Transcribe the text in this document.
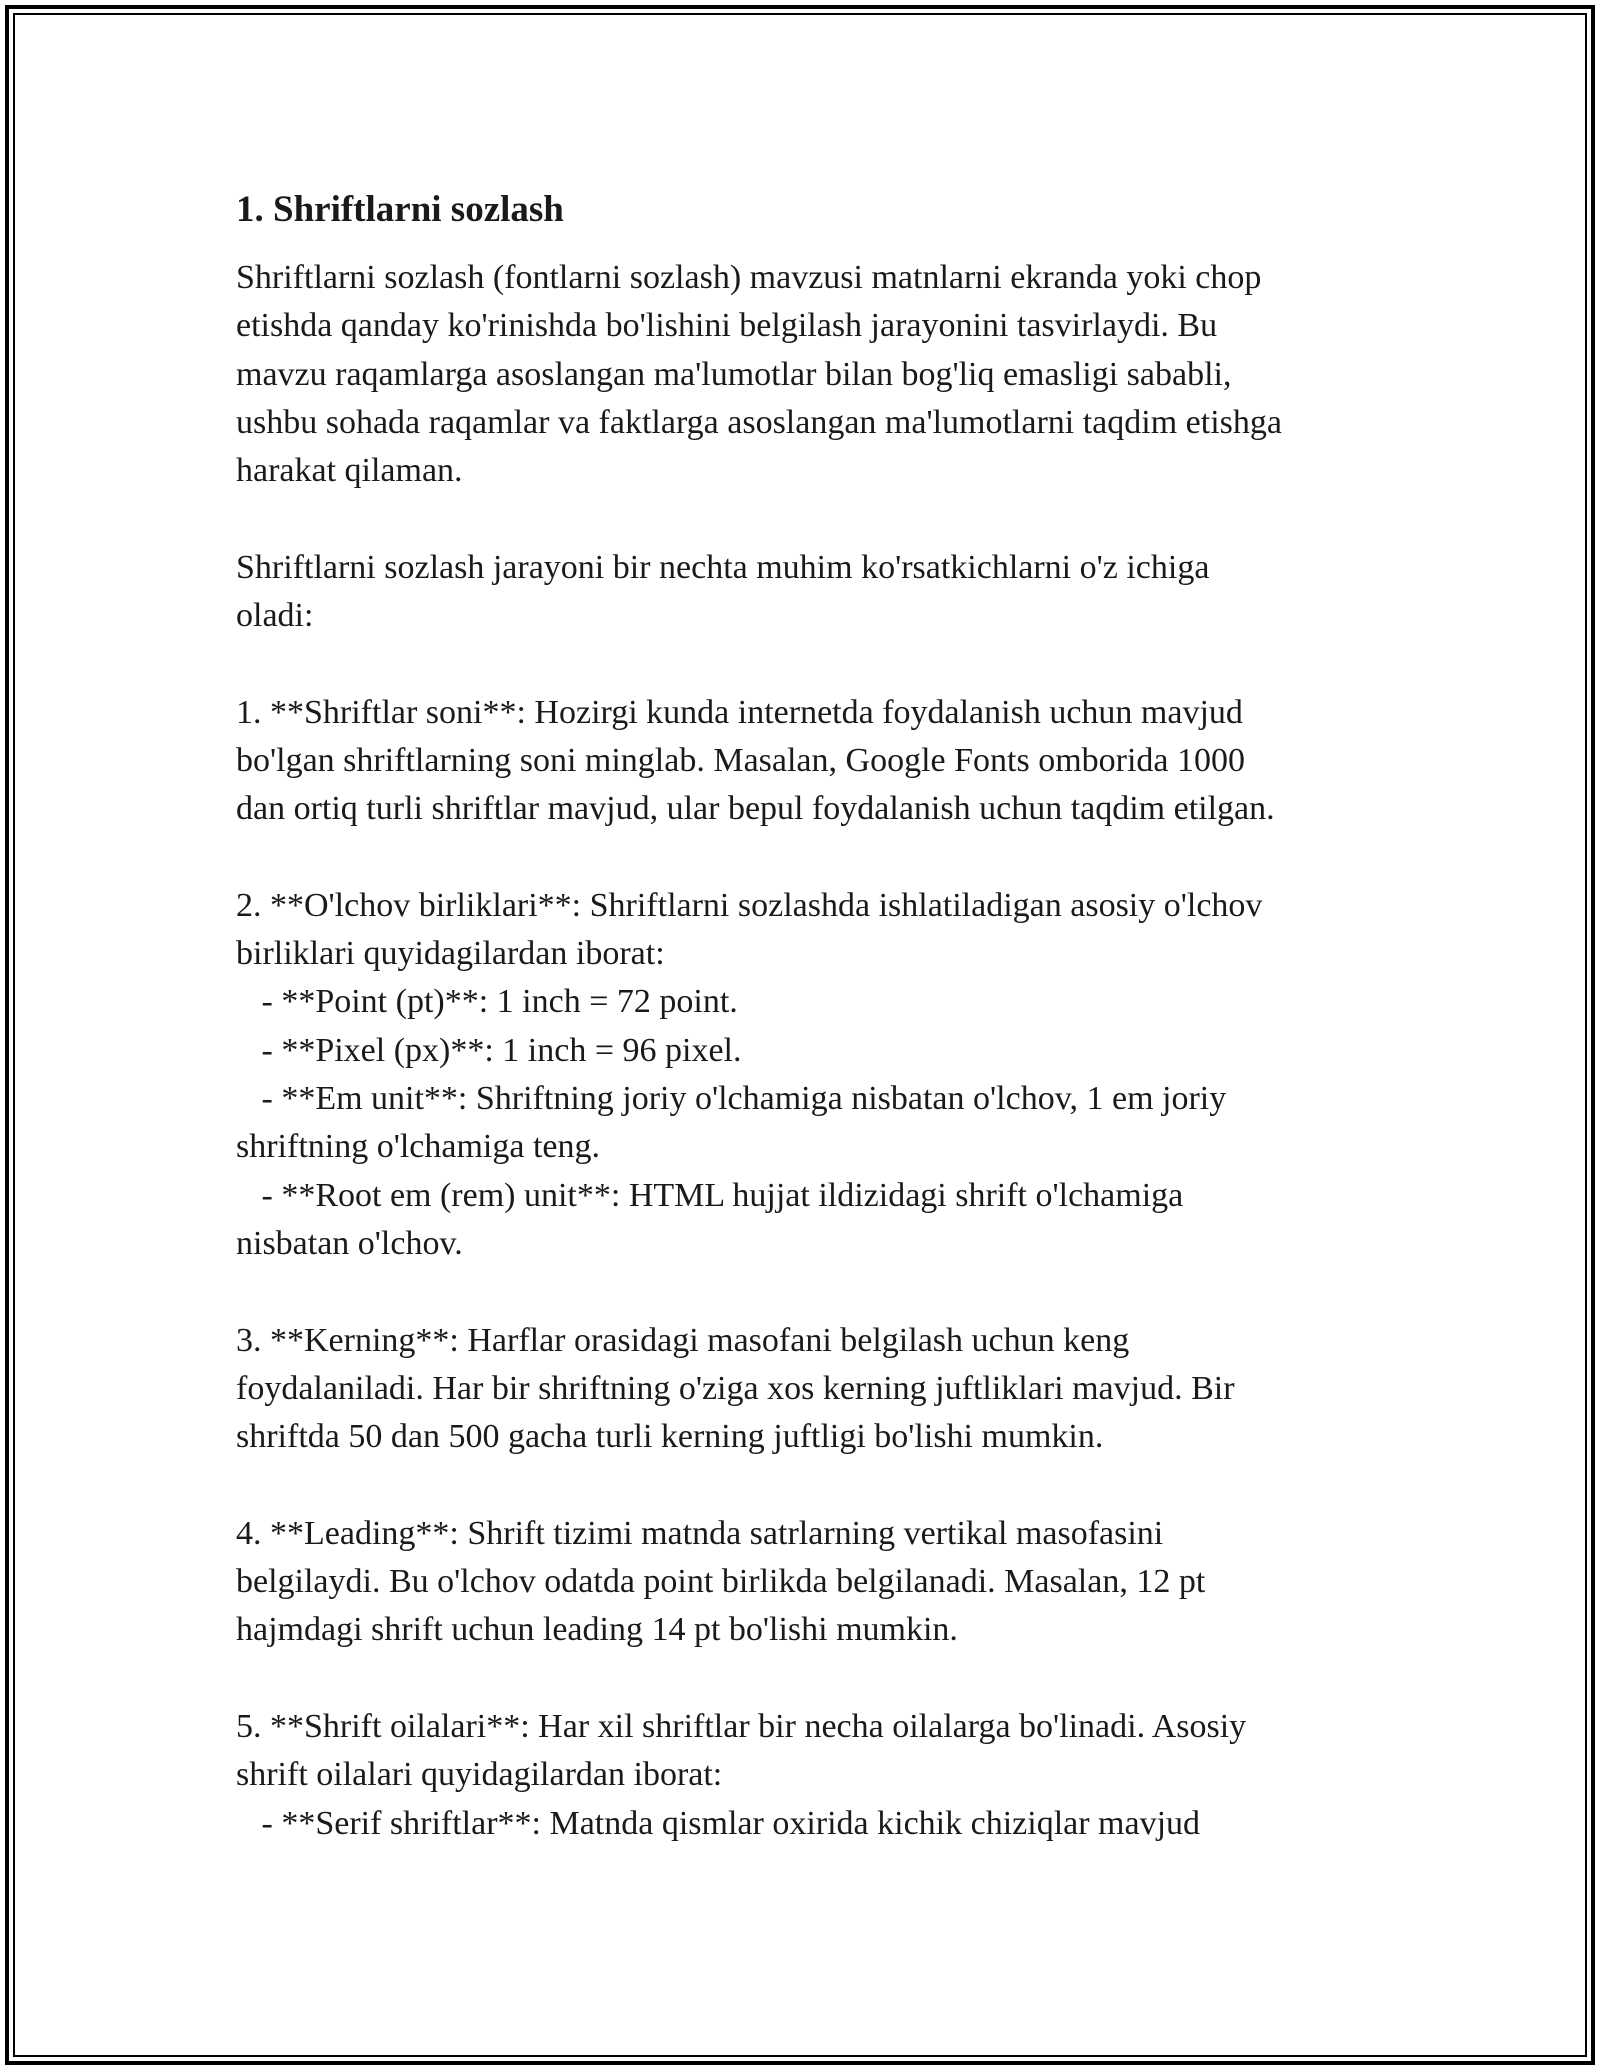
1. Shriftlarni sozlash
Shriftlarni sozlash (fontlarni sozlash) mavzusi matnlarni ekranda yoki chop
etishda qanday ko'rinishda bo'lishini belgilash jarayonini tasvirlaydi. Bu
mavzu raqamlarga asoslangan ma'lumotlar bilan bog'liq emasligi sababli,
ushbu sohada raqamlar va faktlarga asoslangan ma'lumotlarni taqdim etishga
harakat qilaman.
Shriftlarni sozlash jarayoni bir nechta muhim ko'rsatkichlarni o'z ichiga
oladi:
1. **Shriftlar soni**: Hozirgi kunda internetda foydalanish uchun mavjud
bo'lgan shriftlarning soni minglab. Masalan, Google Fonts omborida 1000
dan ortiq turli shriftlar mavjud, ular bepul foydalanish uchun taqdim etilgan.
2. **O'lchov birliklari**: Shriftlarni sozlashda ishlatiladigan asosiy o'lchov
birliklari quyidagilardan iborat:
- **Point (pt)**: 1 inch = 72 point.
- **Pixel (px)**: 1 inch = 96 pixel.
- **Em unit**: Shriftning joriy o'lchamiga nisbatan o'lchov, 1 em joriy
shriftning o'lchamiga teng.
- **Root em (rem) unit**: HTML hujjat ildizidagi shrift o'lchamiga
nisbatan o'lchov.
3. **Kerning**: Harflar orasidagi masofani belgilash uchun keng
foydalaniladi. Har bir shriftning o'ziga xos kerning juftliklari mavjud. Bir
shriftda 50 dan 500 gacha turli kerning juftligi bo'lishi mumkin.
4. **Leading**: Shrift tizimi matnda satrlarning vertikal masofasini
belgilaydi. Bu o'lchov odatda point birlikda belgilanadi. Masalan, 12 pt
hajmdagi shrift uchun leading 14 pt bo'lishi mumkin.
5. **Shrift oilalari**: Har xil shriftlar bir necha oilalarga bo'linadi. Asosiy
shrift oilalari quyidagilardan iborat:
- **Serif shriftlar**: Matnda qismlar oxirida kichik chiziqlar mavjud
